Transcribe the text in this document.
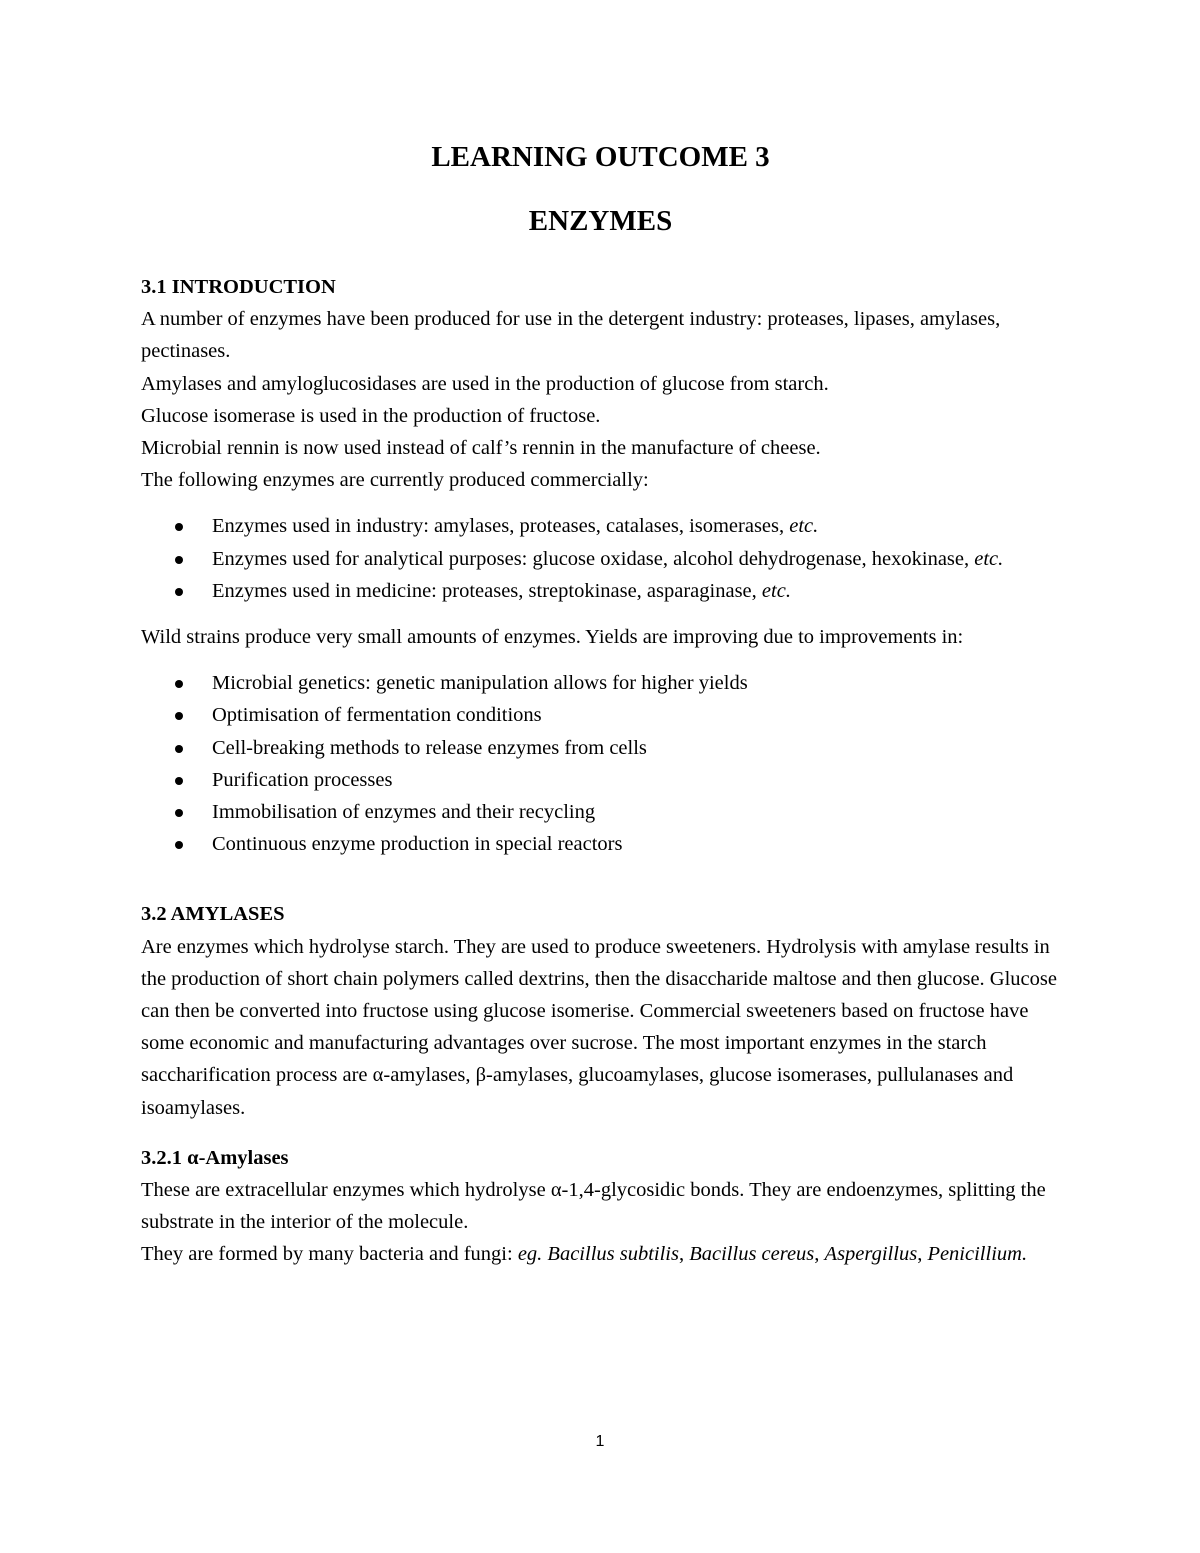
LEARNING OUTCOME 3
ENZYMES
3.1 INTRODUCTION

A number of enzymes have been produced for use in the detergent industry: proteases, lipases, amylases, pectinases.

Amylases and amyloglucosidases are used in the production of glucose from starch.

Glucose isomerase is used in the production of fructose.

Microbial rennin is now used instead of calf’s rennin in the manufacture of cheese.

The following enzymes are currently produced commercially:

Enzymes used in industry: amylases, proteases, catalases, isomerases, etc.
Enzymes used for analytical purposes: glucose oxidase, alcohol dehydrogenase, hexokinase, etc.
Enzymes used in medicine: proteases, streptokinase, asparaginase, etc.

Wild strains produce very small amounts of enzymes. Yields are improving due to improvements in:

Microbial genetics: genetic manipulation allows for higher yields
Optimisation of fermentation conditions
Cell-breaking methods to release enzymes from cells
Purification processes
Immobilisation of enzymes and their recycling
Continuous enzyme production in special reactors
3.2 AMYLASES

Are enzymes which hydrolyse starch. They are used to produce sweeteners. Hydrolysis with amylase results in the production of short chain polymers called dextrins, then the disaccharide maltose and then glucose. Glucose can then be converted into fructose using glucose isomerise. Commercial sweeteners based on fructose have some economic and manufacturing advantages over sucrose. The most important enzymes in the starch saccharification process are α-amylases, β-amylases, glucoamylases, glucose isomerases, pullulanases and isoamylases.

3.2.1 α-Amylases

These are extracellular enzymes which hydrolyse α-1,4-glycosidic bonds. They are endoenzymes, splitting the substrate in the interior of the molecule.

They are formed by many bacteria and fungi: eg. Bacillus subtilis, Bacillus cereus, Aspergillus, Penicillium.

1
